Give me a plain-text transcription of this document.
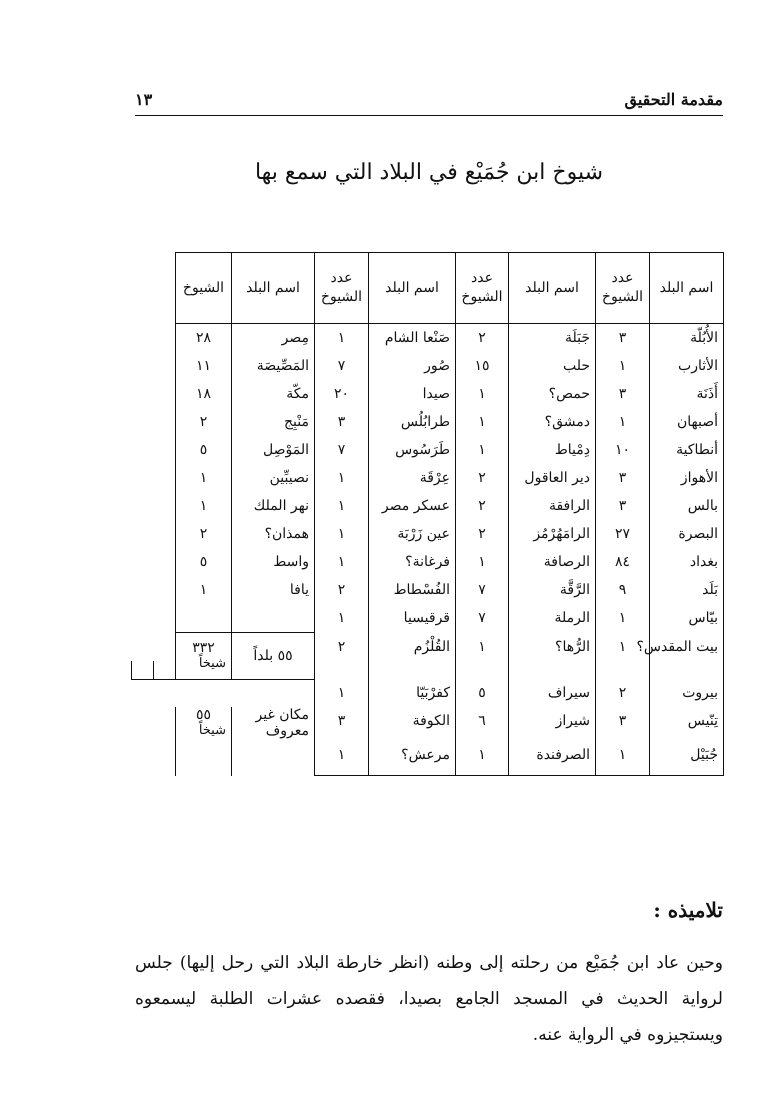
مقدمة التحقيق
١٣
شيوخ ابن جُمَيْع في البلاد التي سمع بها
اسم البلد	عدد الشيوخ	اسم البلد	عدد الشيوخ	اسم البلد	عدد الشيوخ	اسم البلد	الشيوخ		
الأُبُلّة	٣	جَبَلَة	٢	صَنْعا الشام	١	مِصر	٢٨		
الأثارب	١	حلب	١٥	صُور	٧	المَصِّيصَة	١١		
أَذَنَة	٣	حمص؟	١	صيدا	٢٠	مكّة	١٨		
أصبهان	١	دمشق؟	١	طرابُلُس	٣	مَنْبِج	٢		
أنطاكية	١٠	دِمْياط	١	طَرَسُوس	٧	المَوْصِل	٥		
الأهواز	٣	دير العاقول	٢	عِرْقَة	١	نصيبِّين	١		
بالس	٣	الرافقة	٢	عسكر مصر	١	نهر الملك	١		
البصرة	٢٧	الرامَهُرْمُز	٢	عين زَرْبَة	١	همذان؟	٢		
بغداد	٨٤	الرصافة	١	فرغانة؟	١	واسط	٥		
بَلَد	٩	الرَّقَّة	٧	الفُسْطاط	٢	يافا	١		
بيّاس	١	الرملة	٧	قرقيسيا	١				
بيت المقدس؟	١	الرُّها؟	١	القُلْزُم	٢	٥٥ بلداً	٣٣٢
شيخاً		

بيروت	٢	سيراف	٥	كفرْبَيّا	١				
تِنّيس	٣	شيراز	٦	الكوفة	٣	مكان غير معروف	٥٥
شيخاً		

جُبَيْل	١	الصرفندة	١	مرعش؟	١				
تلاميذه :
وحين عاد ابن جُمَيْع من رحلته إلى وطنه (انظر خارطة البلاد التي رحل إليها) جلس لرواية الحديث في المسجد الجامع بصيدا، فقصده عشرات الطلبة ليسمعوه ويستجيزوه في الرواية عنه.
